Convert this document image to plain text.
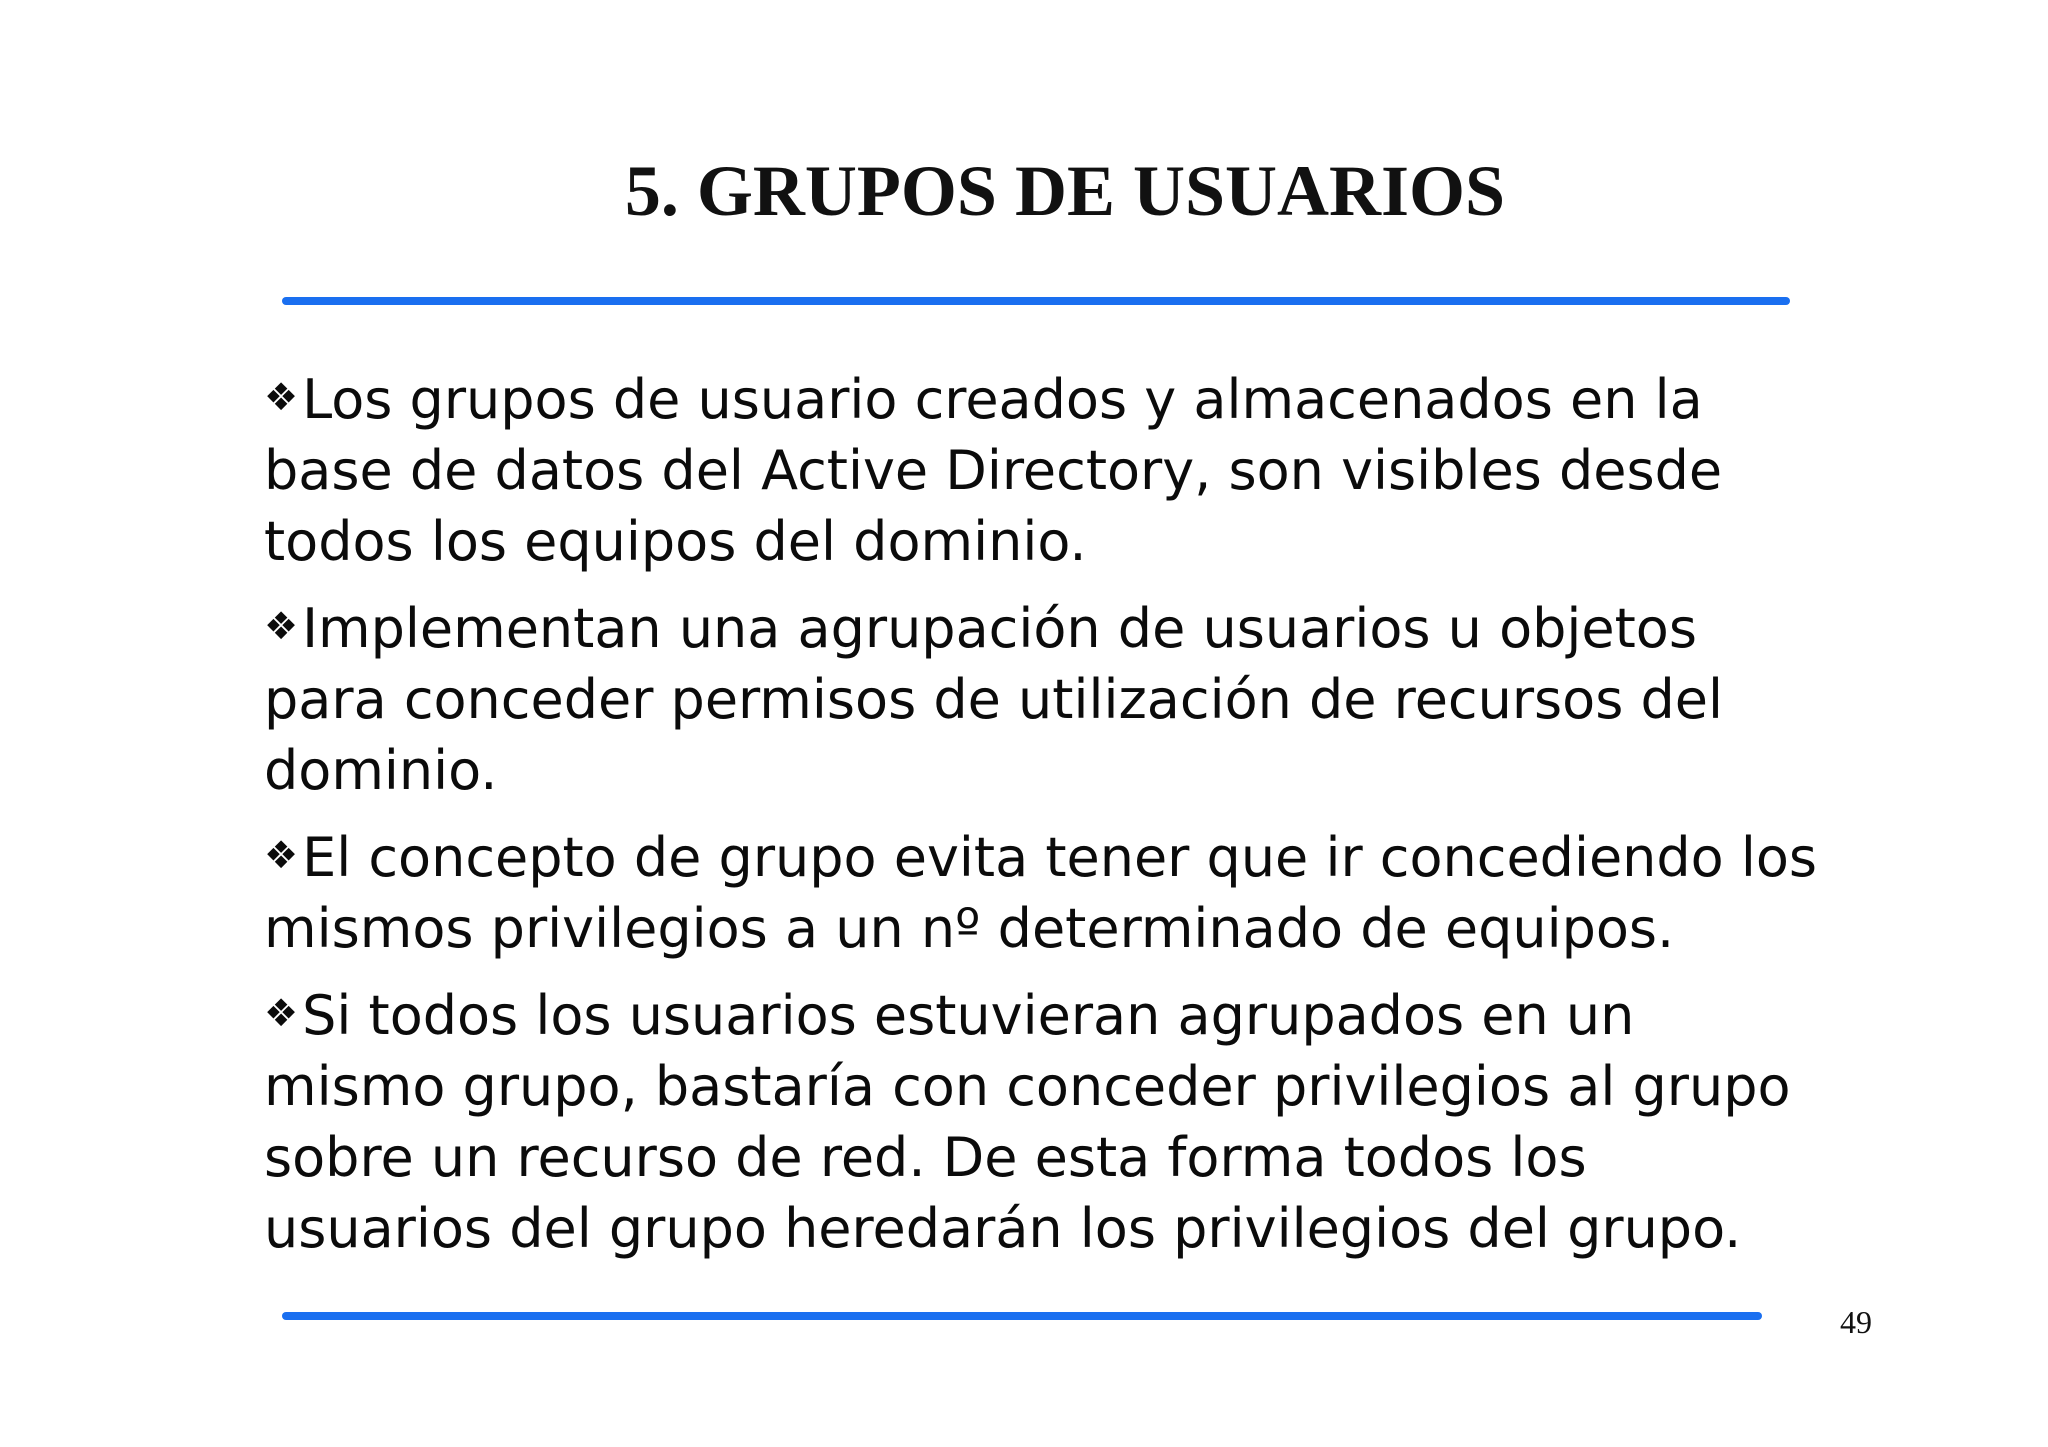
5. GRUPOS DE USUARIOS

❖Los grupos de usuario creados y almacenados en la base de datos del Active Directory, son visibles desde todos los equipos del dominio.

❖Implementan una agrupación de usuarios u objetos para conceder permisos de utilización de recursos del dominio.

❖El concepto de grupo evita tener que ir concediendo los mismos privilegios a un nº determinado de equipos.

❖Si todos los usuarios estuvieran agrupados en un mismo grupo, bastaría con conceder privilegios al grupo sobre un recurso de red. De esta forma todos los usuarios del grupo heredarán los privilegios del grupo.

49
